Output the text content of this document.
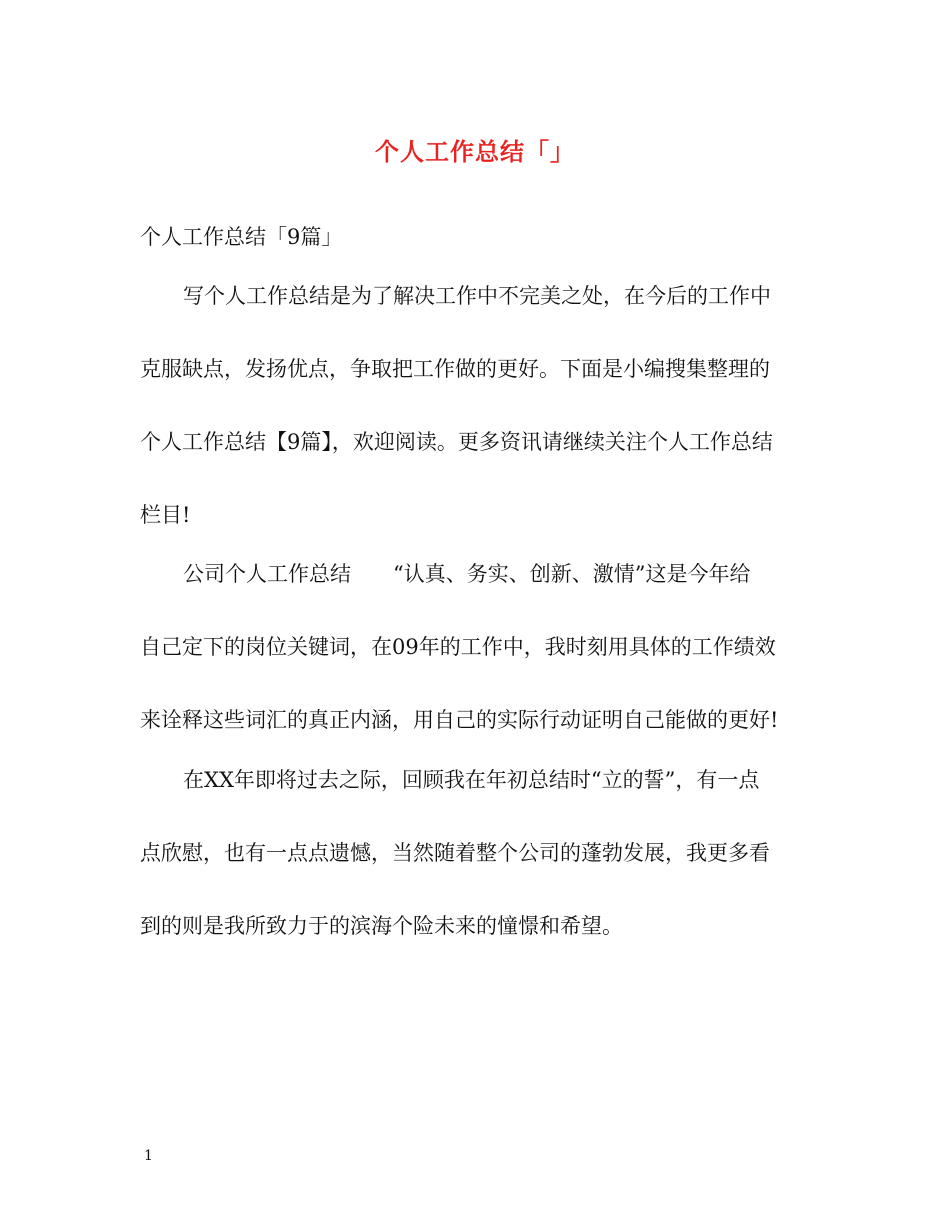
个人工作总结「」
个人工作总结「9篇」
写个人工作总结是为了解决工作中不完美之处，在今后的工作中
克服缺点，发扬优点，争取把工作做的更好。下面是小编搜集整理的
个人工作总结【9篇】，欢迎阅读。更多资讯请继续关注个人工作总结
栏目!
公司个人工作总结　　“认真、务实、创新、激情”这是今年给
自己定下的岗位关键词，在09年的工作中，我时刻用具体的工作绩效
来诠释这些词汇的真正内涵，用自己的实际行动证明自己能做的更好!
在XX年即将过去之际，回顾我在年初总结时“立的誓”，有一点
点欣慰，也有一点点遗憾，当然随着整个公司的蓬勃发展，我更多看
到的则是我所致力于的滨海个险未来的憧憬和希望。
1
